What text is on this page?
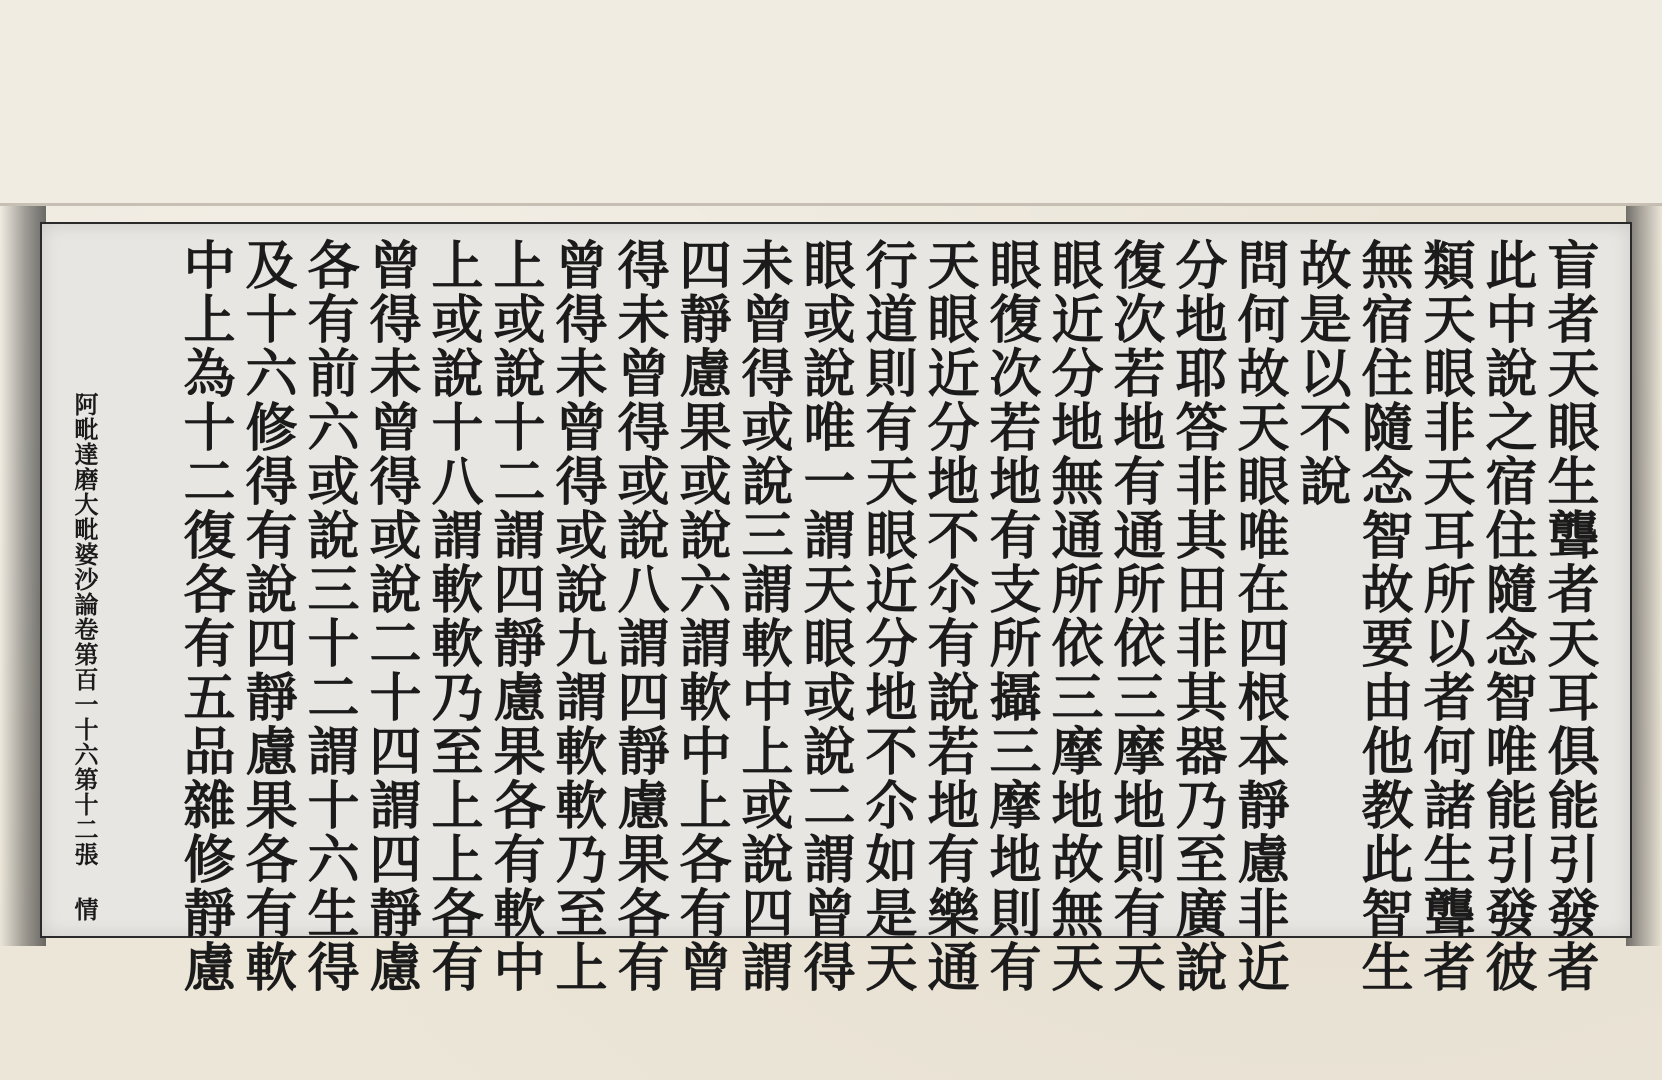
盲者天眼生聾者天耳俱能引發者
此中說之宿住隨念智唯能引發彼
類天眼非天耳所以者何諸生聾者
無宿住隨念智故要由他教此智生
故是以不說
問何故天眼唯在四根本靜慮非近
分地耶答非其田非其器乃至廣說
復次若地有通所依三摩地則有天
眼近分地無通所依三摩地故無天
眼復次若地有支所攝三摩地則有
天眼近分地不尒有說若地有樂通
行道則有天眼近分地不尒如是天
眼或說唯一謂天眼或說二謂曾得
未曾得或說三謂軟中上或說四謂
四靜慮果或說六謂軟中上各有曾
得未曾得或說八謂四靜慮果各有
曾得未曾得或說九謂軟軟乃至上
上或說十二謂四靜慮果各有軟中
上或說十八謂軟軟乃至上上各有
曾得未曾得或說二十四謂四靜慮
各有前六或說三十二謂十六生得
及十六修得有說四靜慮果各有軟
中上為十二復各有五品雜修靜慮
阿毗達磨大毗婆沙論卷第百一十六第十二張 情
